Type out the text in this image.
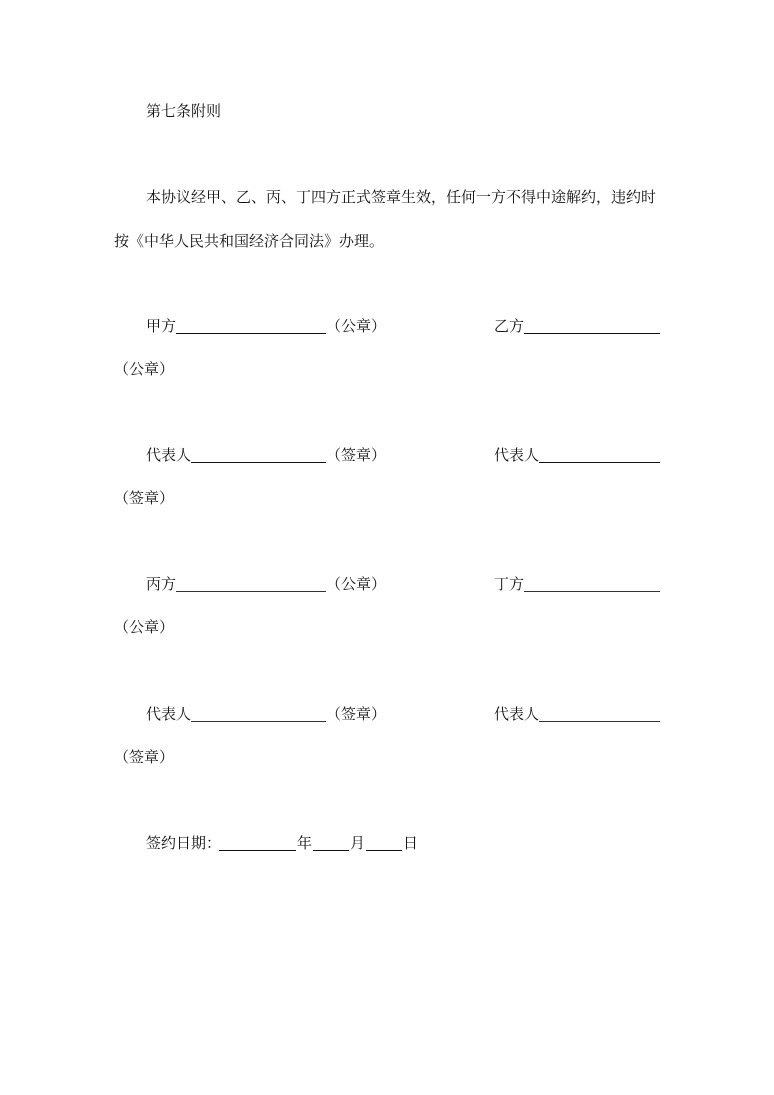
第七条附则
本协议经甲、乙、丙、丁四方正式签章生效，任何一方不得中途解约，违约时
按《中华人民共和国经济合同法》办理。
甲方	（公章）	乙方
（公章）
代表人	（签章）	代表人
（签章）
丙方	（公章）	丁方
（公章）
代表人	（签章）	代表人
（签章）
签约日期：	年	月	日
